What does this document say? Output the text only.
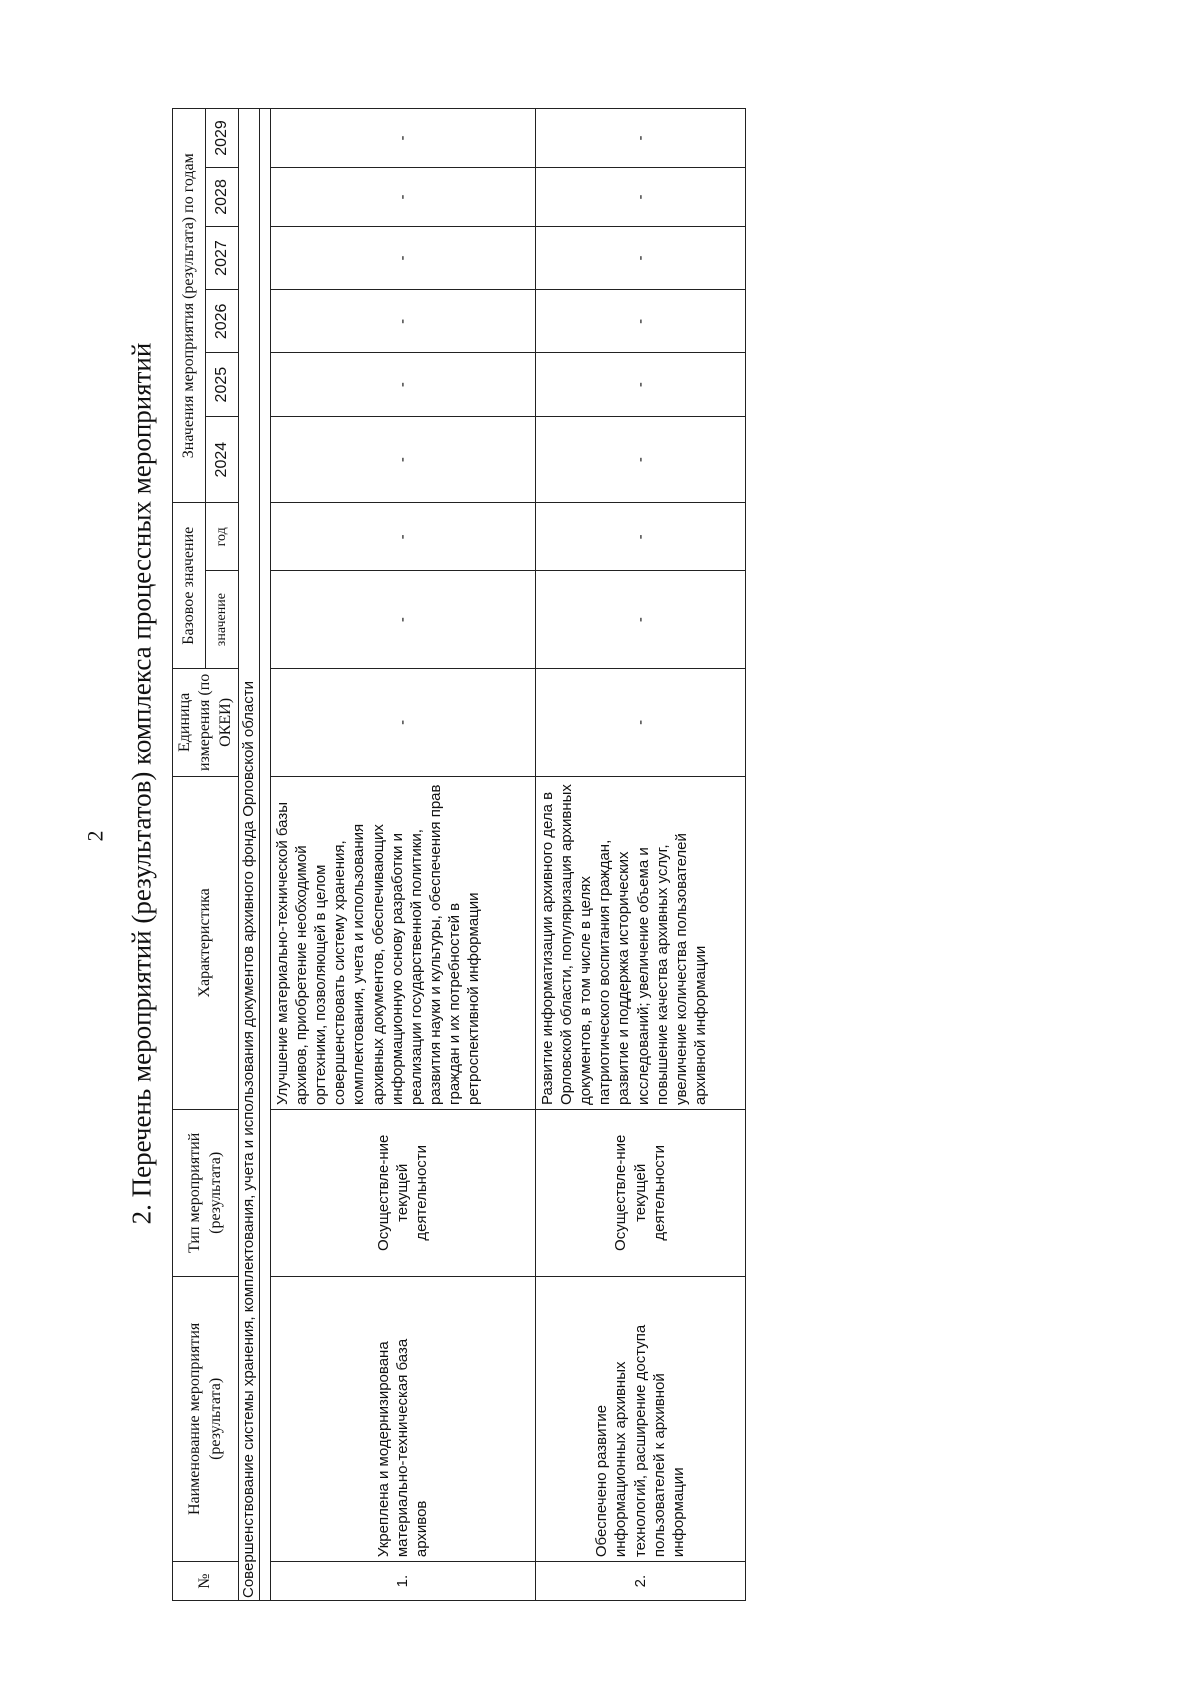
2 2. Перечень мероприятий (результатов) комплекса процессных мероприятий
№	Наименование мероприятия (результата)	Тип мероприятий (результата)	Характеристика	Единица измерения (по ОКЕИ)	Базовое значение		Значения мероприятия (результата) по годам					
					значение	год	2024	2025	2026	2027	2028	2029
Совершенствование системы хранения, комплектования, учета и использования документов архивного фонда Орловской области												

1.	Укреплена и модернизирована материально-техническая база архивов	Осуществле-ние текущей деятельности	Улучшение материально-технической базы архивов, приобретение необходимой оргтехники, позволяющей в целом совершенствовать систему хранения, комплектования, учета и использования архивных документов, обеспечивающих информационную основу разработки и реализации государственной политики, развития науки и культуры, обеспечения прав граждан и их потребностей в ретроспективной информации	-	-	-	-	-	-	-	-	-
2.	Обеспечено развитие информационных архивных технологий, расширение доступа пользователей к архивной информации	Осуществле-ние текущей деятельности	Развитие информатизации архивного дела в Орловской области, популяризация архивных документов, в том числе в целях патриотического воспитания граждан, развитие и поддержка исторических исследований; увеличение объема и повышение качества архивных услуг, увеличение количества пользователей архивной информации	-	-	-	-	-	-	-	-	-
